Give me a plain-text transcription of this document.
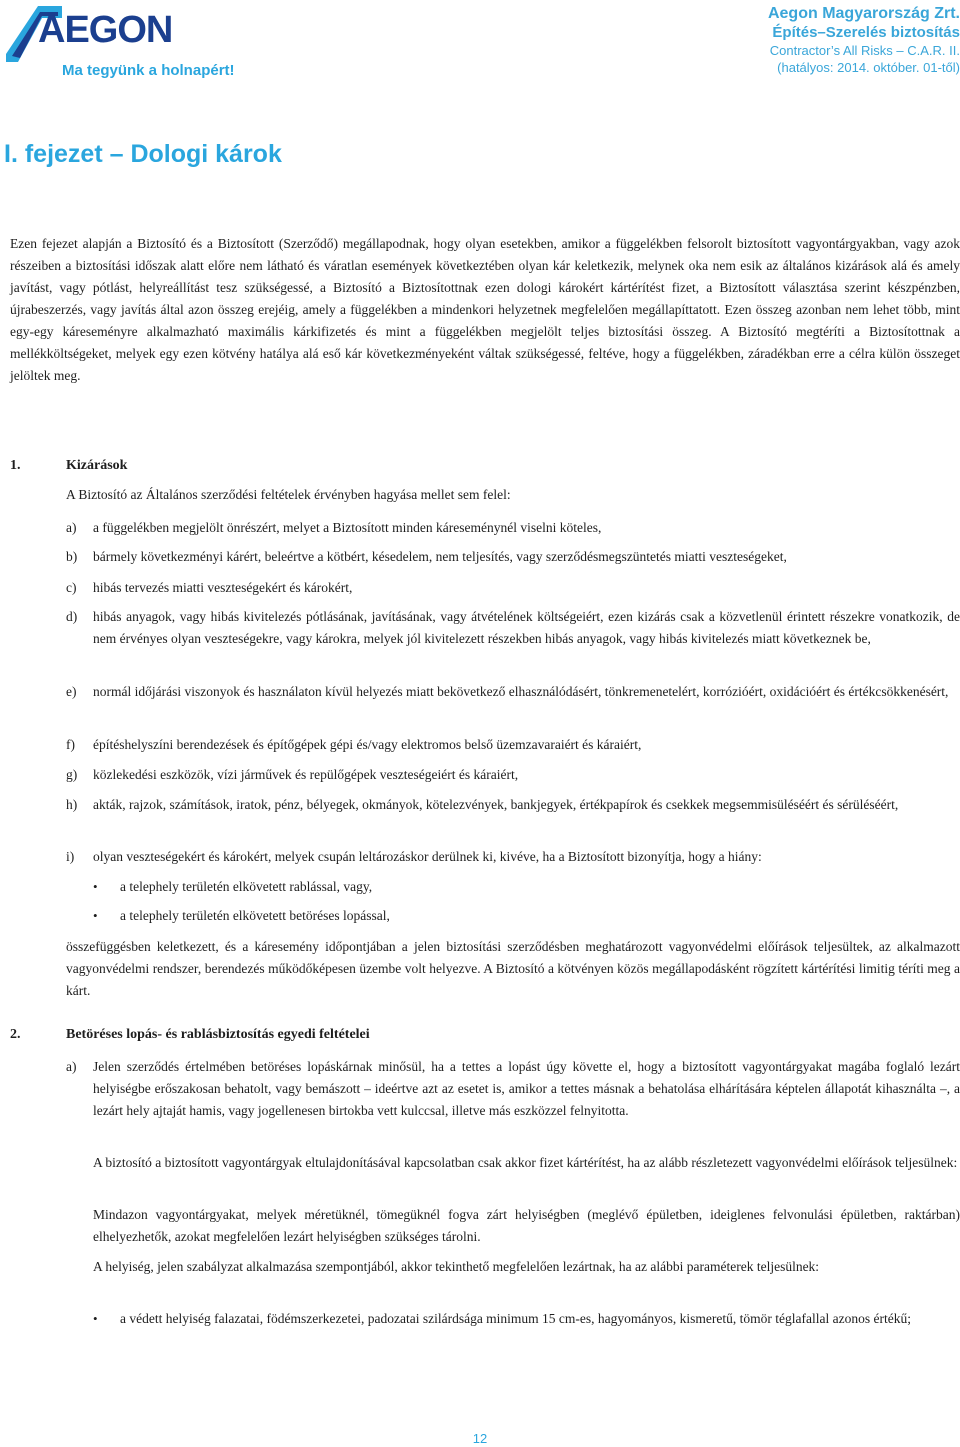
AEGON
Ma tegyünk a holnapért!
Aegon Magyarország Zrt.
Építés–Szerelés biztosítás
Contractor’s All Risks – C.A.R. II.
(hatályos: 2014. október. 01-től)
I. fejezet – Dologi károk

Ezen fejezet alapján a Biztosító és a Biztosított (Szerződő) megállapodnak, hogy olyan esetekben, amikor a függelékben felsorolt biztosított vagyontárgyakban, vagy azok részeiben a biztosítási időszak alatt előre nem látható és váratlan események következtében olyan kár keletkezik, melynek oka nem esik az általános kizárások alá és amely javítást, vagy pótlást, helyreállítást tesz szükségessé, a Biztosító a Biztosítottnak ezen dologi károkért kártérítést fizet, a Biztosított választása szerint készpénzben, újrabeszerzés, vagy javítás által azon összeg erejéig, amely a függelékben a mindenkori helyzetnek megfelelően megállapíttatott. Ezen összeg azonban nem lehet több, mint egy-egy káreseményre alkalmazható maximális kárkifizetés és mint a függelékben megjelölt teljes biztosítási összeg. A Biztosító megtéríti a Biztosítottnak a mellékköltségeket, melyek egy ezen kötvény hatálya alá eső kár következményeként váltak szükségessé, feltéve, hogy a függelékben, záradékban erre a célra külön összeget jelöltek meg.

1.	Kizárások

A Biztosító az Általános szerződési feltételek érvényben hagyása mellet sem felel:

a) a függelékben megjelölt önrészért, melyet a Biztosított minden káreseménynél viselni köteles,

b) bármely következményi kárért, beleértve a kötbért, késedelem, nem teljesítés, vagy szerződésmegszüntetés miatti veszteségeket,

c) hibás tervezés miatti veszteségekért és károkért,

d) hibás anyagok, vagy hibás kivitelezés pótlásának, javításának, vagy átvételének költségeiért, ezen kizárás csak a közvetlenül érintett részekre vonatkozik, de nem érvényes olyan veszteségekre, vagy károkra, melyek jól kivitelezett részekben hibás anyagok, vagy hibás kivitelezés miatt következnek be,

e) normál időjárási viszonyok és használaton kívül helyezés miatt bekövetkező elhasználódásért, tönkremenetelért, korrózióért, oxidációért és értékcsökkenésért,

f) építéshelyszíni berendezések és építőgépek gépi és/vagy elektromos belső üzemzavaraiért és káraiért,

g) közlekedési eszközök, vízi járművek és repülőgépek veszteségeiért és káraiért,

h) akták, rajzok, számítások, iratok, pénz, bélyegek, okmányok, kötelezvények, bankjegyek, értékpapírok és csekkek megsemmisüléséért és sérüléséért,

i) olyan veszteségekért és károkért, melyek csupán leltározáskor derülnek ki, kivéve, ha a Biztosított bizonyítja, hogy a hiány:

• a telephely területén elkövetett rablással, vagy,

• a telephely területén elkövetett betöréses lopással,

összefüggésben keletkezett, és a káresemény időpontjában a jelen biztosítási szerződésben meghatározott vagyonvédelmi előírások teljesültek, az alkalmazott vagyonvédelmi rendszer, berendezés működőképesen üzembe volt helyezve. A Biztosító a kötvényen közös megállapodásként rögzített kártérítési limitig téríti meg a kárt.

2.	Betöréses lopás- és rablásbiztosítás egyedi feltételei
a) Jelen szerződés értelmében betöréses lopáskárnak minősül, ha a tettes a lopást úgy követte el, hogy a biztosított vagyontárgyakat magába foglaló lezárt helyiségbe erőszakosan behatolt, vagy bemászott – ideértve azt az esetet is, amikor a tettes másnak a behatolása elhárítására képtelen állapotát kihasználta –, a lezárt hely ajtaját hamis, vagy jogellenesen birtokba vett kulccsal, illetve más eszközzel felnyitotta.

A biztosító a biztosított vagyontárgyak eltulajdonításával kapcsolatban csak akkor fizet kártérítést, ha az alább részletezett vagyonvédelmi előírások teljesülnek:

Mindazon vagyontárgyakat, melyek méretüknél, tömegüknél fogva zárt helyiségben (meglévő épületben, ideiglenes felvonulási épületben, raktárban) elhelyezhetők, azokat megfelelően lezárt helyiségben szükséges tárolni.

A helyiség, jelen szabályzat alkalmazása szempontjából, akkor tekinthető megfelelően lezártnak, ha az alábbi paraméterek teljesülnek:

• a védett helyiség falazatai, födémszerkezetei, padozatai szilárdsága minimum 15 cm-es, hagyományos, kismeretű, tömör téglafallal azonos értékű;

12
